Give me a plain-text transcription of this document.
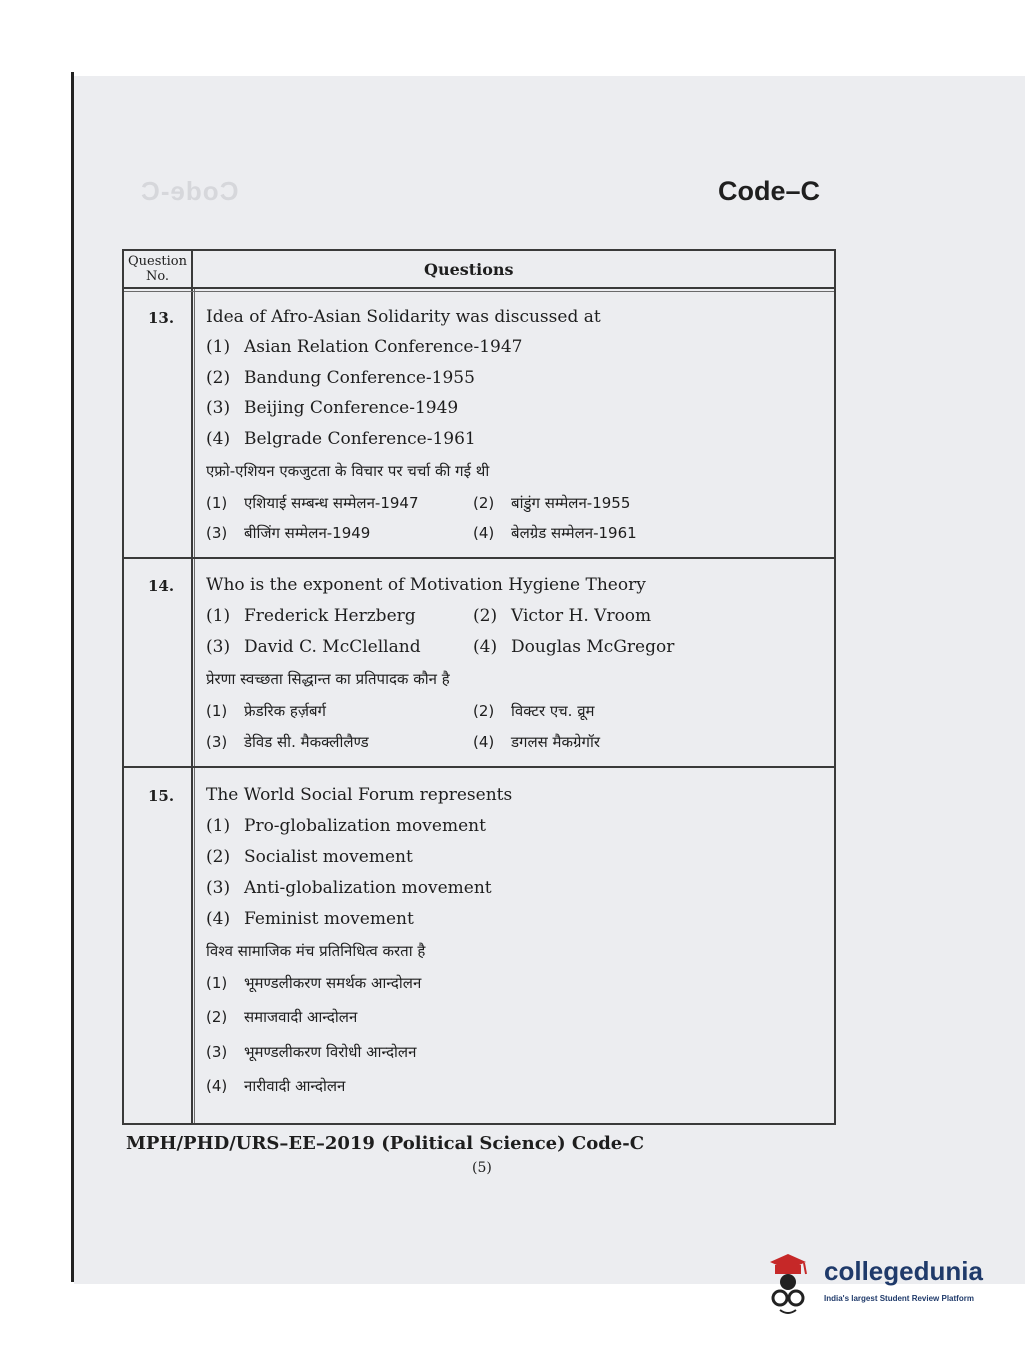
Code-C	Code–C
Question No.	Questions
13. Idea of Afro-Asian Solidarity was discussed at
(1) Asian Relation Conference-1947
(2) Bandung Conference-1955
(3) Beijing Conference-1949
(4) Belgrade Conference-1961
एफ्रो-एशियन एकजुटता के विचार पर चर्चा की गई थी
(1) एशियाई सम्बन्ध सम्मेलन-1947	(2) बांडुंग सम्मेलन-1955
(3) बीजिंग सम्मेलन-1949	(4) बेलग्रेड सम्मेलन-1961
14. Who is the exponent of Motivation Hygiene Theory
(1) Frederick Herzberg	(2) Victor H. Vroom
(3) David C. McClelland	(4) Douglas McGregor
प्रेरणा स्वच्छता सिद्धान्त का प्रतिपादक कौन है
(1) फ्रेडरिक हर्ज़बर्ग	(2) विक्टर एच. व्रूम
(3) डेविड सी. मैकक्लीलैण्ड	(4) डगलस मैकग्रेगॉर
15. The World Social Forum represents
(1) Pro-globalization movement
(2) Socialist movement
(3) Anti-globalization movement
(4) Feminist movement
विश्व सामाजिक मंच प्रतिनिधित्व करता है
(1) भूमण्डलीकरण समर्थक आन्दोलन
(2) समाजवादी आन्दोलन
(3) भूमण्डलीकरण विरोधी आन्दोलन
(4) नारीवादी आन्दोलन
MPH/PHD/URS–EE–2019 (Political Science) Code-C
(5)
collegedunia
India's largest Student Review Platform
